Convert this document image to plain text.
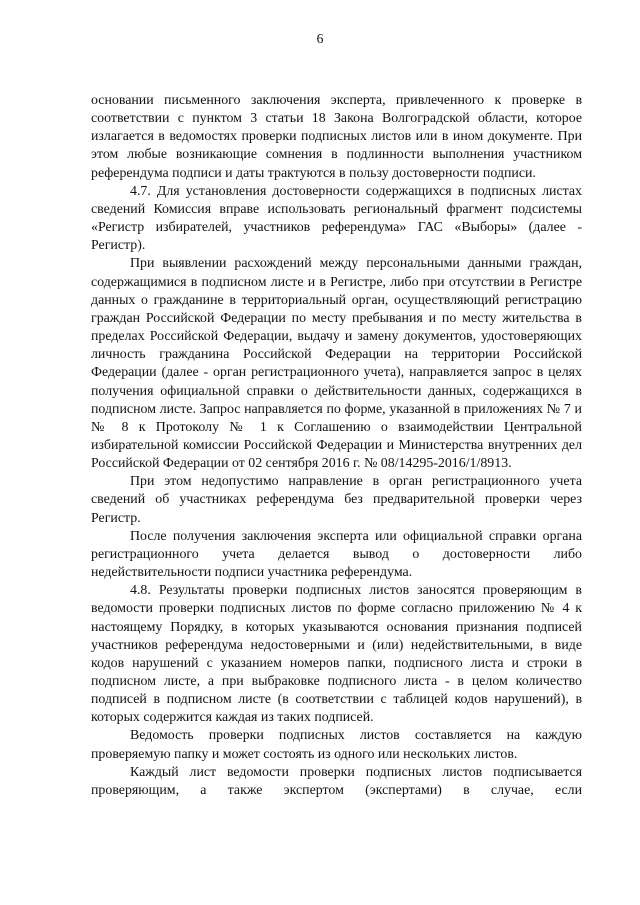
6

основании письменного заключения эксперта, привлеченного к проверке в соответствии с пунктом 3 статьи 18 Закона Волгоградской области, которое излагается в ведомостях проверки подписных листов или в ином документе. При этом любые возникающие сомнения в подлинности выполнения участником референдума подписи и даты трактуются в пользу достоверности подписи.

4.7. Для установления достоверности содержащихся в подписных листах сведений Комиссия вправе использовать региональный фрагмент подсистемы «Регистр избирателей, участников референдума» ГАС «Выборы» (далее - Регистр).

При выявлении расхождений между персональными данными граждан, содержащимися в подписном листе и в Регистре, либо при отсутствии в Регистре данных о гражданине в территориальный орган, осуществляющий регистрацию граждан Российской Федерации по месту пребывания и по месту жительства в пределах Российской Федерации, выдачу и замену документов, удостоверяющих личность гражданина Российской Федерации на территории Российской Федерации (далее - орган регистрационного учета), направляется запрос в целях получения официальной справки о действительности данных, содержащихся в подписном листе. Запрос направляется по форме, указанной в приложениях № 7 и № 8 к Протоколу № 1 к Соглашению о взаимодействии Центральной избирательной комиссии Российской Федерации и Министерства внутренних дел Российской Федерации от 02 сентября 2016 г. № 08/14295-2016/1/8913.

При этом недопустимо направление в орган регистрационного учета сведений об участниках референдума без предварительной проверки через Регистр.

После получения заключения эксперта или официальной справки органа регистрационного учета делается вывод о достоверности либо недействительности подписи участника референдума.

4.8. Результаты проверки подписных листов заносятся проверяющим в ведомости проверки подписных листов по форме согласно приложению № 4 к настоящему Порядку, в которых указываются основания признания подписей участников референдума недостоверными и (или) недействительными, в виде кодов нарушений с указанием номеров папки, подписного листа и строки в подписном листе, а при выбраковке подписного листа - в целом количество подписей в подписном листе (в соответствии с таблицей кодов нарушений), в которых содержится каждая из таких подписей.

Ведомость проверки подписных листов составляется на каждую проверяемую папку и может состоять из одного или нескольких листов.

Каждый лист ведомости проверки подписных листов подписывается проверяющим, а также экспертом (экспертами) в случае, если
